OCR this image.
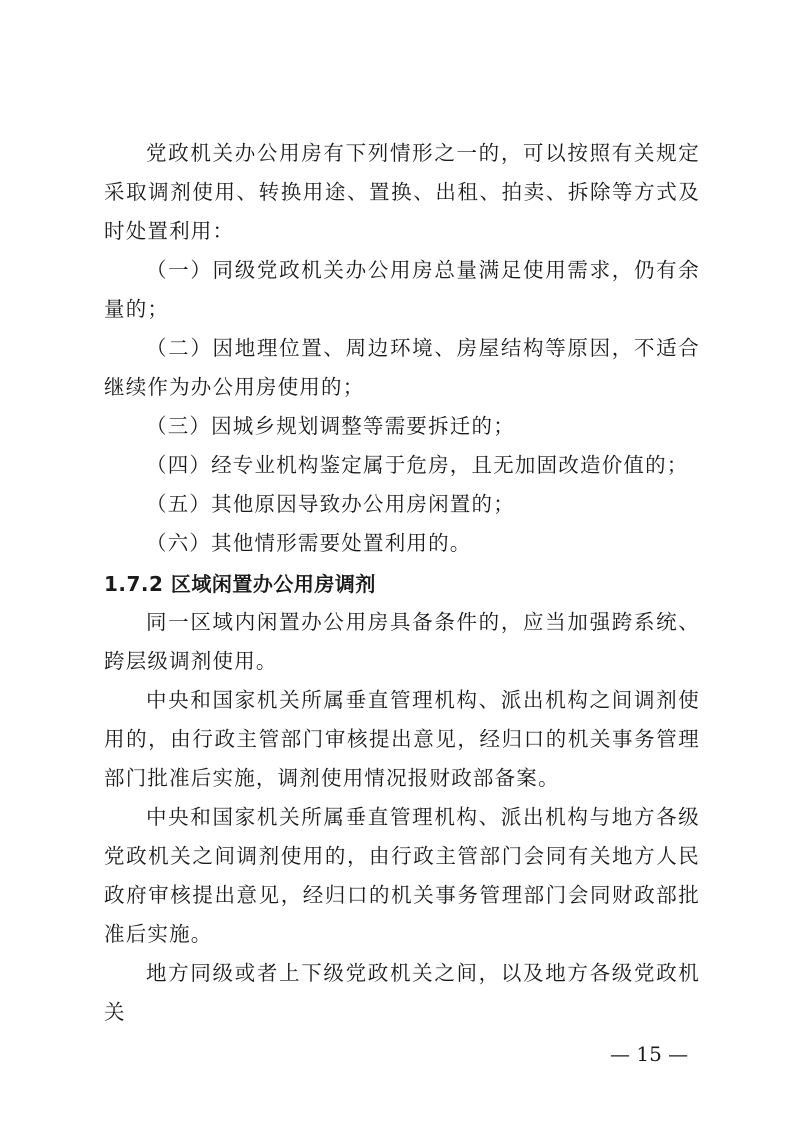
党政机关办公用房有下列情形之一的，可以按照有关规定采取调剂使用、转换用途、置换、出租、拍卖、拆除等方式及时处置利用：

（一）同级党政机关办公用房总量满足使用需求，仍有余量的；

（二）因地理位置、周边环境、房屋结构等原因，不适合继续作为办公用房使用的；

（三）因城乡规划调整等需要拆迁的；

（四）经专业机构鉴定属于危房，且无加固改造价值的；

（五）其他原因导致办公用房闲置的；

（六）其他情形需要处置利用的。

1.7.2 区域闲置办公用房调剂

同一区域内闲置办公用房具备条件的，应当加强跨系统、跨层级调剂使用。

中央和国家机关所属垂直管理机构、派出机构之间调剂使用的，由行政主管部门审核提出意见，经归口的机关事务管理部门批准后实施，调剂使用情况报财政部备案。

中央和国家机关所属垂直管理机构、派出机构与地方各级党政机关之间调剂使用的，由行政主管部门会同有关地方人民政府审核提出意见，经归口的机关事务管理部门会同财政部批准后实施。

地方同级或者上下级党政机关之间，以及地方各级党政机关

— 15 —
